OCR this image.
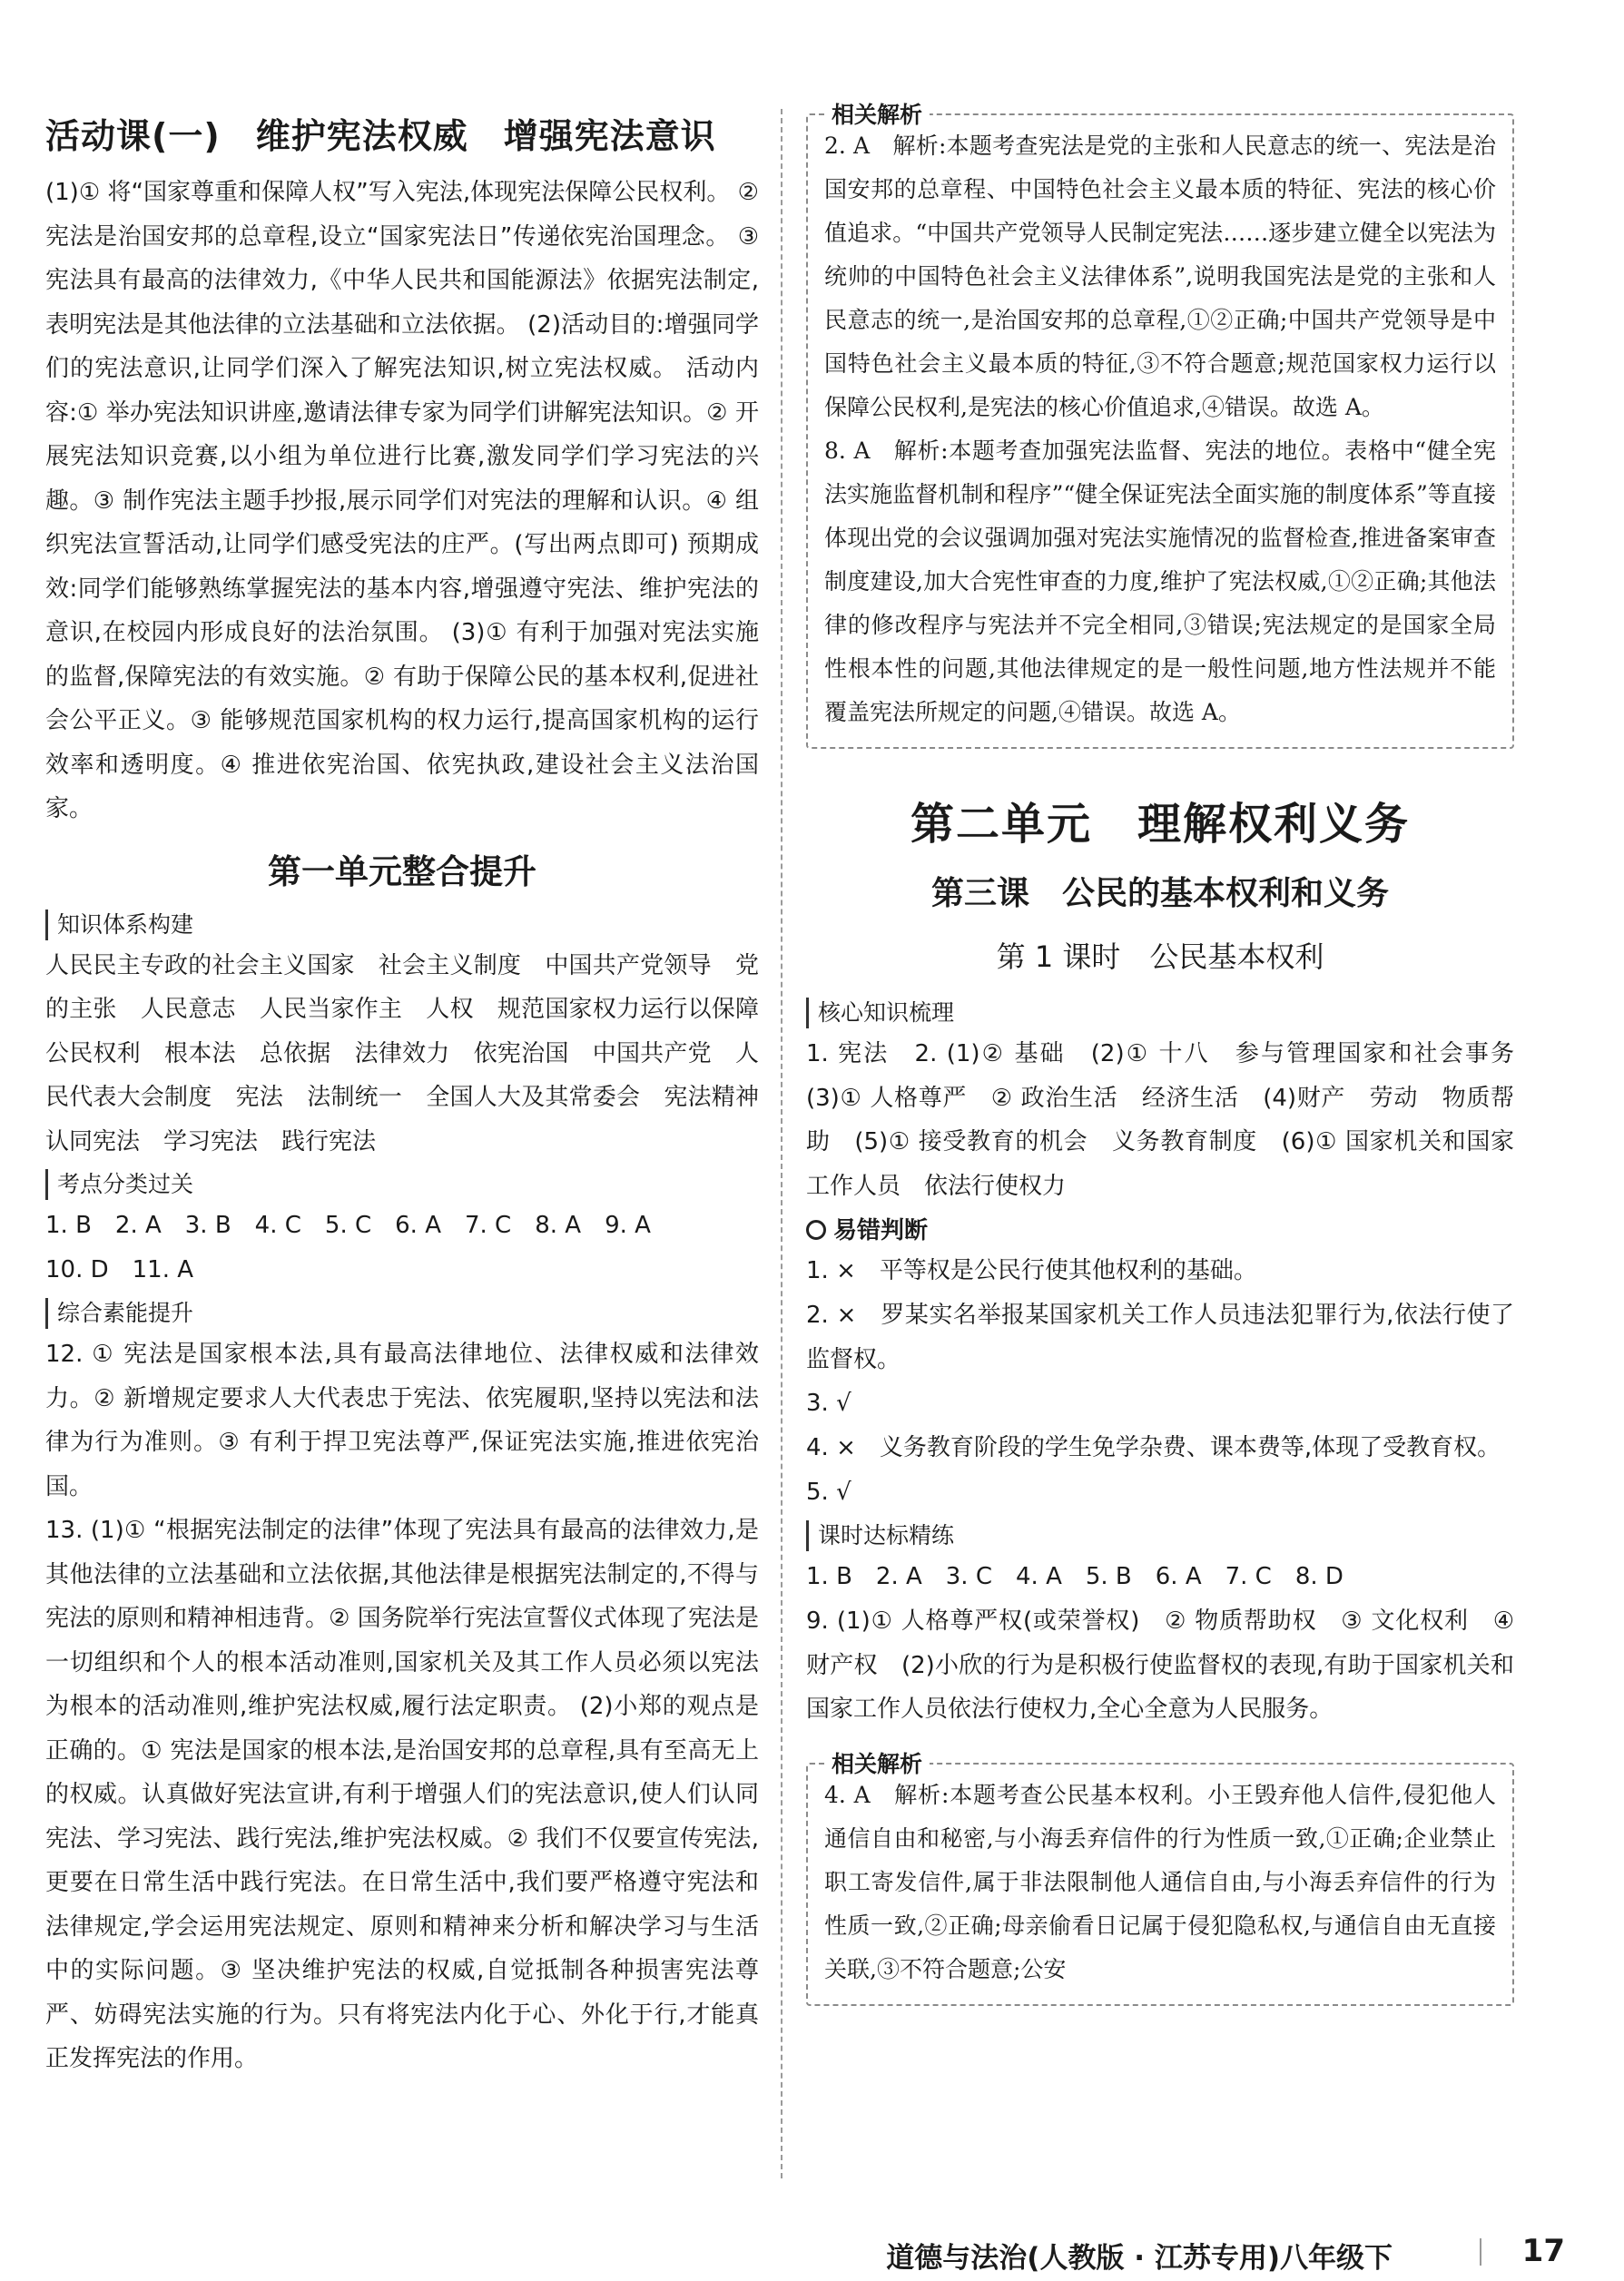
活动课(一)　维护宪法权威　增强宪法意识

(1)① 将“国家尊重和保障人权”写入宪法,体现宪法保障公民权利。 ② 宪法是治国安邦的总章程,设立“国家宪法日”传递依宪治国理念。 ③ 宪法具有最高的法律效力,《中华人民共和国能源法》依据宪法制定,表明宪法是其他法律的立法基础和立法依据。 (2)活动目的:增强同学们的宪法意识,让同学们深入了解宪法知识,树立宪法权威。 活动内容:① 举办宪法知识讲座,邀请法律专家为同学们讲解宪法知识。② 开展宪法知识竞赛,以小组为单位进行比赛,激发同学们学习宪法的兴趣。③ 制作宪法主题手抄报,展示同学们对宪法的理解和认识。④ 组织宪法宣誓活动,让同学们感受宪法的庄严。(写出两点即可) 预期成效:同学们能够熟练掌握宪法的基本内容,增强遵守宪法、维护宪法的意识,在校园内形成良好的法治氛围。 (3)① 有利于加强对宪法实施的监督,保障宪法的有效实施。② 有助于保障公民的基本权利,促进社会公平正义。③ 能够规范国家机构的权力运行,提高国家机构的运行效率和透明度。④ 推进依宪治国、依宪执政,建设社会主义法治国家。

第一单元整合提升
知识体系构建

人民民主专政的社会主义国家　社会主义制度　中国共产党领导　党的主张　人民意志　人民当家作主　人权　规范国家权力运行以保障公民权利　根本法　总依据　法律效力　依宪治国　中国共产党　人民代表大会制度　宪法　法制统一　全国人大及其常委会　宪法精神　认同宪法　学习宪法　践行宪法

考点分类过关

1. B　2. A　3. B　4. C　5. C　6. A　7. C　8. A　9. A

10. D　11. A

综合素能提升

12. ① 宪法是国家根本法,具有最高法律地位、法律权威和法律效力。② 新增规定要求人大代表忠于宪法、依宪履职,坚持以宪法和法律为行为准则。③ 有利于捍卫宪法尊严,保证宪法实施,推进依宪治国。

13. (1)① “根据宪法制定的法律”体现了宪法具有最高的法律效力,是其他法律的立法基础和立法依据,其他法律是根据宪法制定的,不得与宪法的原则和精神相违背。② 国务院举行宪法宣誓仪式体现了宪法是一切组织和个人的根本活动准则,国家机关及其工作人员必须以宪法为根本的活动准则,维护宪法权威,履行法定职责。 (2)小郑的观点是正确的。① 宪法是国家的根本法,是治国安邦的总章程,具有至高无上的权威。认真做好宪法宣讲,有利于增强人们的宪法意识,使人们认同宪法、学习宪法、践行宪法,维护宪法权威。② 我们不仅要宣传宪法,更要在日常生活中践行宪法。在日常生活中,我们要严格遵守宪法和法律规定,学会运用宪法规定、原则和精神来分析和解决学习与生活中的实际问题。③ 坚决维护宪法的权威,自觉抵制各种损害宪法尊严、妨碍宪法实施的行为。只有将宪法内化于心、外化于行,才能真正发挥宪法的作用。

相关解析

2. A　解析:本题考查宪法是党的主张和人民意志的统一、宪法是治国安邦的总章程、中国特色社会主义最本质的特征、宪法的核心价值追求。“中国共产党领导人民制定宪法……逐步建立健全以宪法为统帅的中国特色社会主义法律体系”,说明我国宪法是党的主张和人民意志的统一,是治国安邦的总章程,①②正确;中国共产党领导是中国特色社会主义最本质的特征,③不符合题意;规范国家权力运行以保障公民权利,是宪法的核心价值追求,④错误。故选 A。

8. A　解析:本题考查加强宪法监督、宪法的地位。表格中“健全宪法实施监督机制和程序”“健全保证宪法全面实施的制度体系”等直接体现出党的会议强调加强对宪法实施情况的监督检查,推进备案审查制度建设,加大合宪性审查的力度,维护了宪法权威,①②正确;其他法律的修改程序与宪法并不完全相同,③错误;宪法规定的是国家全局性根本性的问题,其他法律规定的是一般性问题,地方性法规并不能覆盖宪法所规定的问题,④错误。故选 A。

第二单元　理解权利义务
第三课　公民的基本权利和义务
第 1 课时　公民基本权利
核心知识梳理

1. 宪法　2. (1)② 基础　(2)① 十八　参与管理国家和社会事务　(3)① 人格尊严　② 政治生活　经济生活　(4)财产　劳动　物质帮助　(5)① 接受教育的机会　义务教育制度　(6)① 国家机关和国家工作人员　依法行使权力

易错判断

1. ×　平等权是公民行使其他权利的基础。

2. ×　罗某实名举报某国家机关工作人员违法犯罪行为,依法行使了监督权。

3. √

4. ×　义务教育阶段的学生免学杂费、课本费等,体现了受教育权。

5. √

课时达标精练

1. B　2. A　3. C　4. A　5. B　6. A　7. C　8. D

9. (1)① 人格尊严权(或荣誉权)　② 物质帮助权　③ 文化权利　④ 财产权　(2)小欣的行为是积极行使监督权的表现,有助于国家机关和国家工作人员依法行使权力,全心全意为人民服务。

相关解析

4. A　解析:本题考查公民基本权利。小王毁弃他人信件,侵犯他人通信自由和秘密,与小海丢弃信件的行为性质一致,①正确;企业禁止职工寄发信件,属于非法限制他人通信自由,与小海丢弃信件的行为性质一致,②正确;母亲偷看日记属于侵犯隐私权,与通信自由无直接关联,③不符合题意;公安

道德与法治(人教版 · 江苏专用)八年级下	17
